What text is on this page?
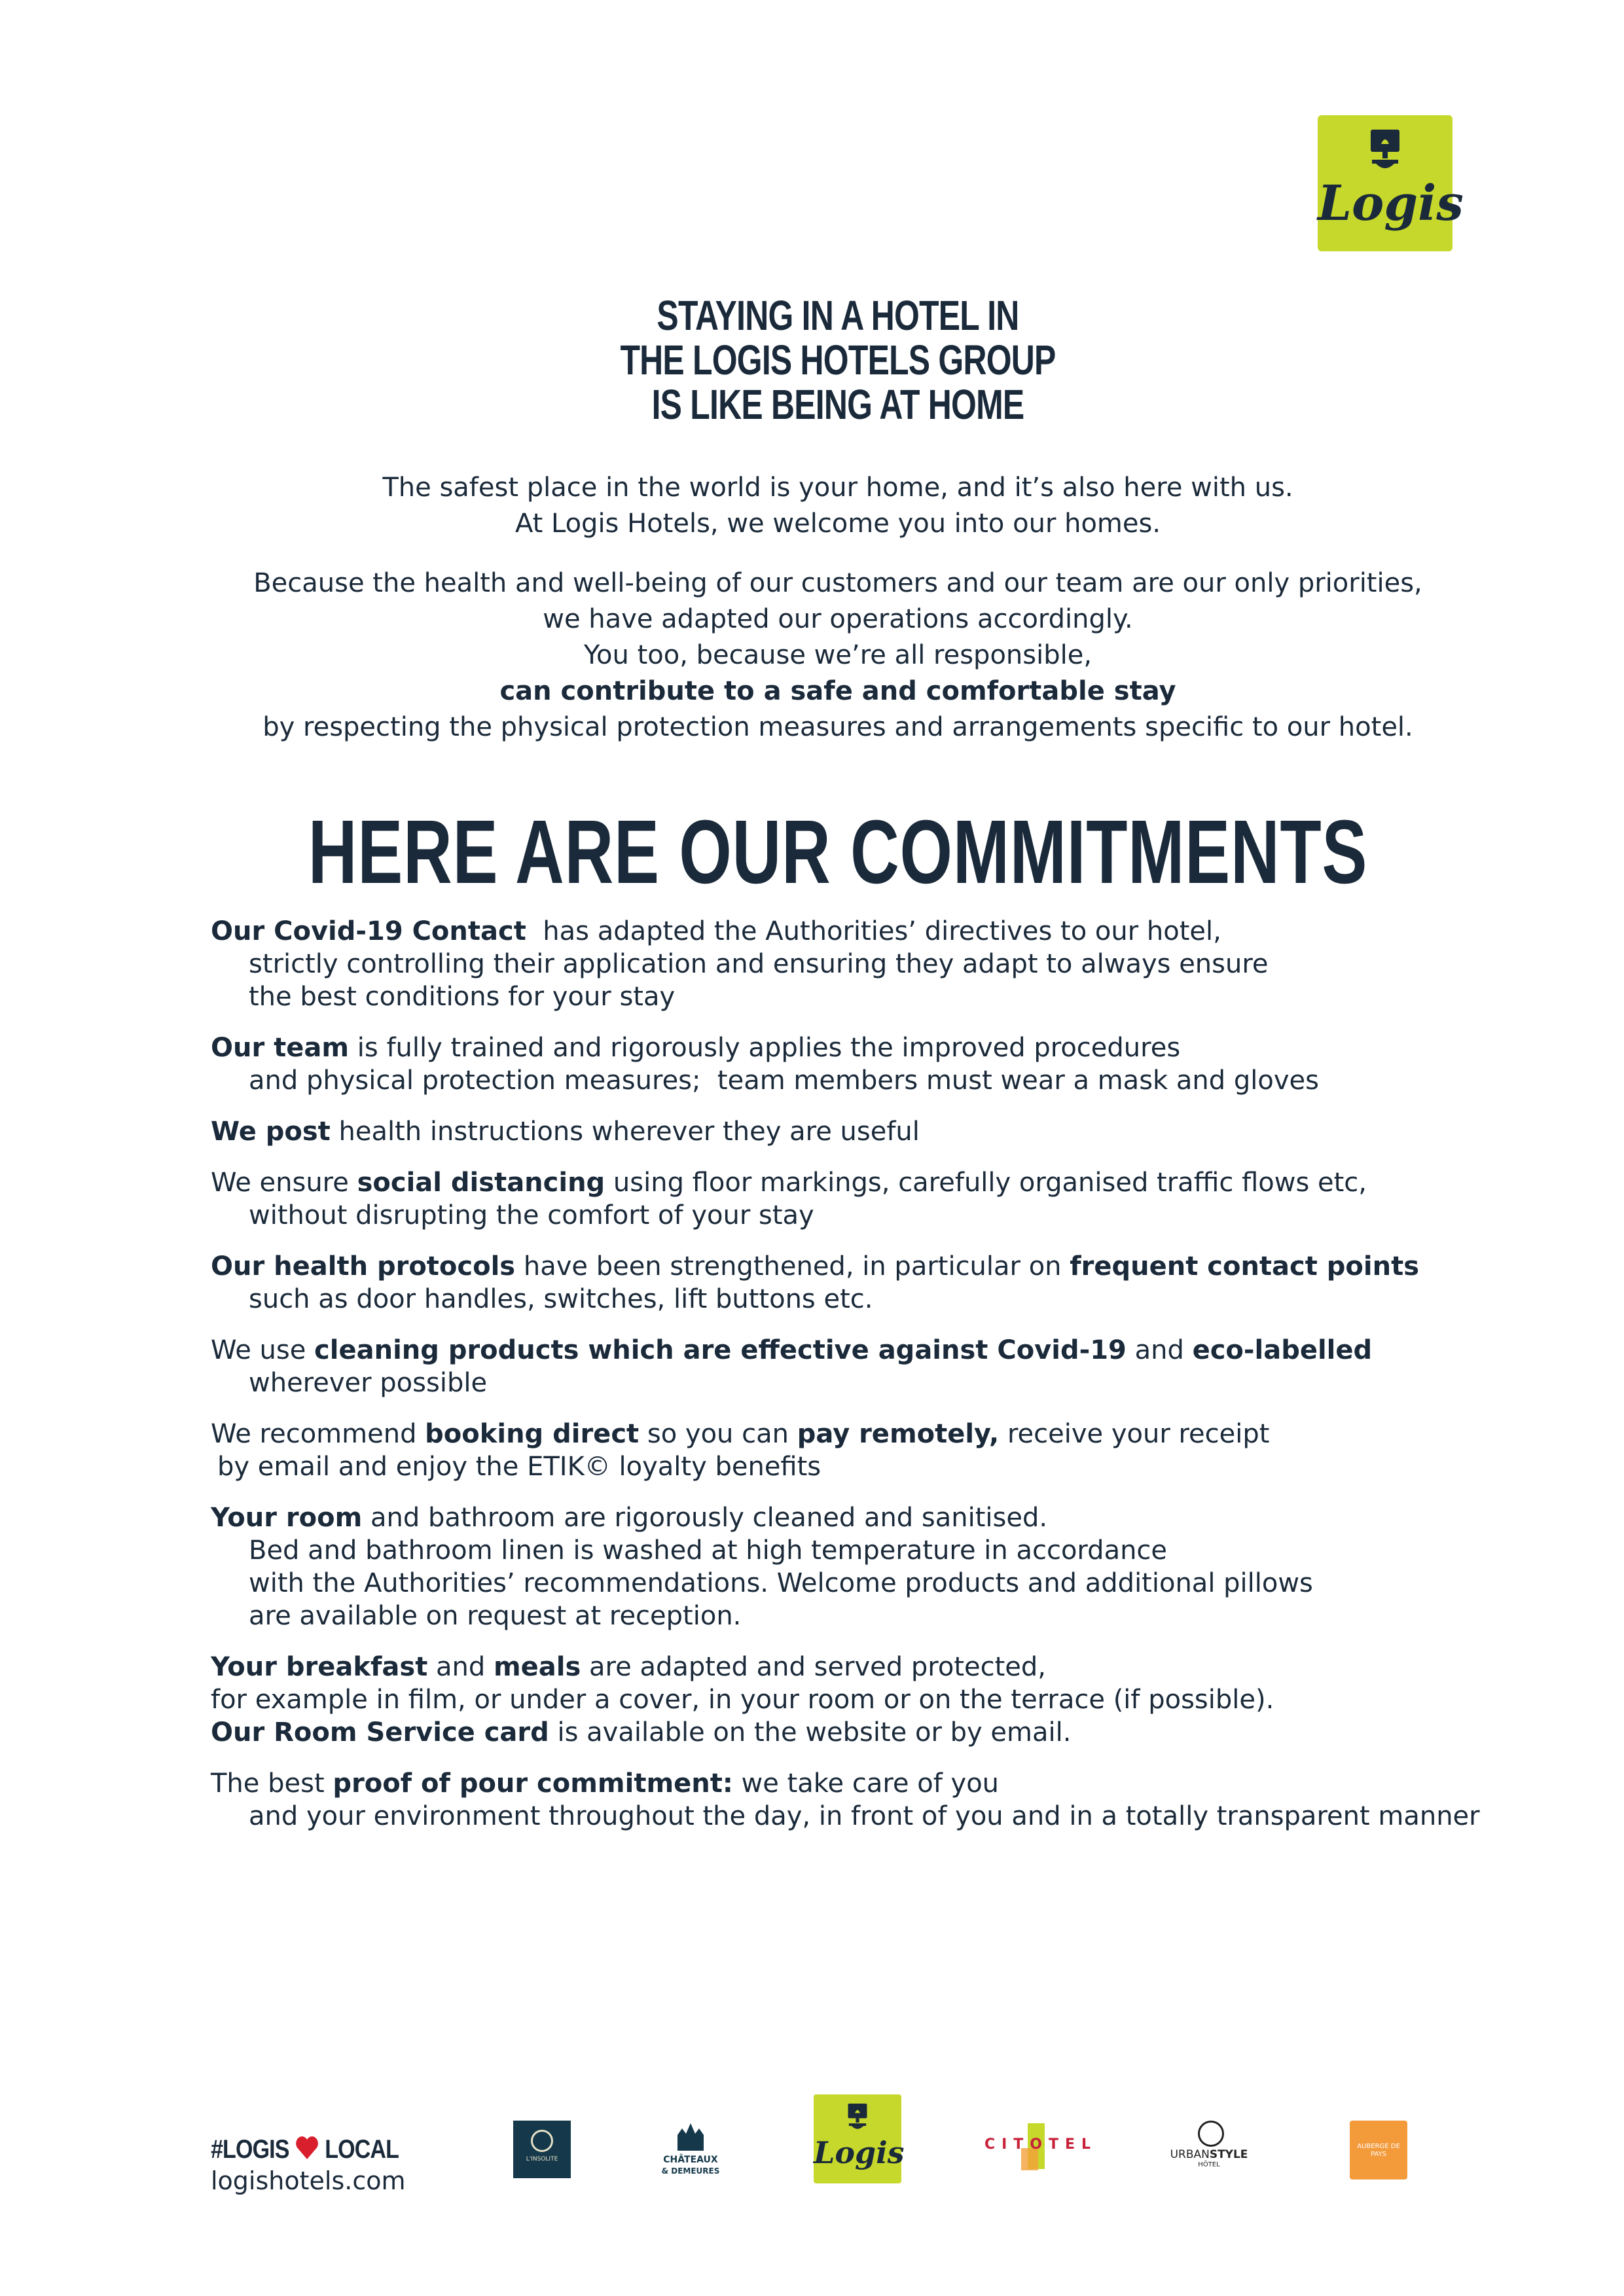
Logis
STAYING IN A HOTEL IN
THE LOGIS HOTELS GROUP
IS LIKE BEING AT HOME
The safest place in the world is your home, and it’s also here with us.
At Logis Hotels, we welcome you into our homes.
Because the health and well-being of our customers and our team are our only priorities,
we have adapted our operations accordingly.
You too, because we’re all responsible,
can contribute to a safe and comfortable stay
by respecting the physical protection measures and arrangements specific to our hotel.
HERE ARE OUR COMMITMENTS
Our Covid-19 Contact  has adapted the Authorities’ directives to our hotel,
strictly controlling their application and ensuring they adapt to always ensure
the best conditions for your stay
Our team is fully trained and rigorously applies the improved procedures
and physical protection measures;  team members must wear a mask and gloves
We post health instructions wherever they are useful
We ensure social distancing using floor markings, carefully organised traffic flows etc,
without disrupting the comfort of your stay
Our health protocols have been strengthened, in particular on frequent contact points
such as door handles, switches, lift buttons etc.
We use cleaning products which are effective against Covid-19 and eco-labelled
wherever possible
We recommend booking direct so you can pay remotely, receive your receipt
by email and enjoy the ETIK© loyalty benefits
Your room and bathroom are rigorously cleaned and sanitised.
Bed and bathroom linen is washed at high temperature in accordance
with the Authorities’ recommendations. Welcome products and additional pillows
are available on request at reception.
Your breakfast and meals are adapted and served protected,
for example in film, or under a cover, in your room or on the terrace (if possible).
Our Room Service card is available on the website or by email.
The best proof of pour commitment: we take care of you
and your environment throughout the day, in front of you and in a totally transparent manner
#LOGIS LOCAL
logishotels.com
L'INSOLITE	CHÂTEAUX
& DEMEURES
Logis	CITOTEL
URBANSTYLE
HÔTEL
AUBERGE DE PAYS
